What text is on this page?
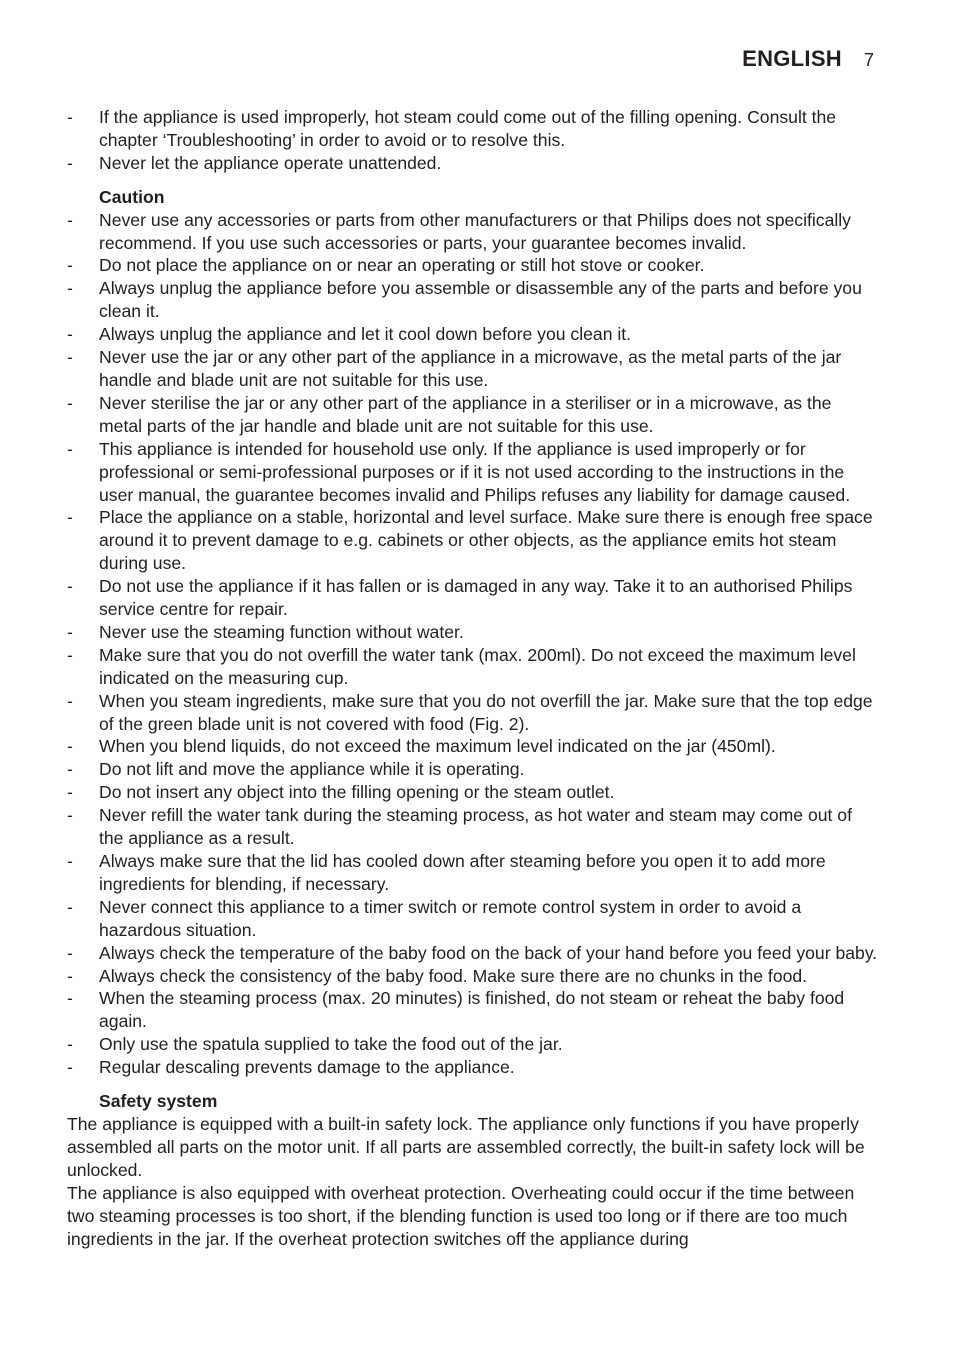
ENGLISH 7
- If the appliance is used improperly, hot steam could come out of the filling opening. Consult the chapter ‘Troubleshooting’ in order to avoid or to resolve this.
- Never let the appliance operate unattended.
Caution
- Never use any accessories or parts from other manufacturers or that Philips does not specifically recommend. If you use such accessories or parts, your guarantee becomes invalid.
- Do not place the appliance on or near an operating or still hot stove or cooker.
- Always unplug the appliance before you assemble or disassemble any of the parts and before you clean it.
- Always unplug the appliance and let it cool down before you clean it.
- Never use the jar or any other part of the appliance in a microwave, as the metal parts of the jar handle and blade unit are not suitable for this use.
- Never sterilise the jar or any other part of the appliance in a steriliser or in a microwave, as the metal parts of the jar handle and blade unit are not suitable for this use.
- This appliance is intended for household use only. If the appliance is used improperly or for professional or semi-professional purposes or if it is not used according to the instructions in the user manual, the guarantee becomes invalid and Philips refuses any liability for damage caused.
- Place the appliance on a stable, horizontal and level surface. Make sure there is enough free space around it to prevent damage to e.g. cabinets or other objects, as the appliance emits hot steam during use.
- Do not use the appliance if it has fallen or is damaged in any way. Take it to an authorised Philips service centre for repair.
- Never use the steaming function without water.
- Make sure that you do not overfill the water tank (max. 200ml). Do not exceed the maximum level indicated on the measuring cup.
- When you steam ingredients, make sure that you do not overfill the jar. Make sure that the top edge of the green blade unit is not covered with food (Fig. 2).
- When you blend liquids, do not exceed the maximum level indicated on the jar (450ml).
- Do not lift and move the appliance while it is operating.
- Do not insert any object into the filling opening or the steam outlet.
- Never refill the water tank during the steaming process, as hot water and steam may come out of the appliance as a result.
- Always make sure that the lid has cooled down after steaming before you open it to add more ingredients for blending, if necessary.
- Never connect this appliance to a timer switch or remote control system in order to avoid a hazardous situation.
- Always check the temperature of the baby food on the back of your hand before you feed your baby.
- Always check the consistency of the baby food. Make sure there are no chunks in the food.
- When the steaming process (max. 20 minutes) is finished, do not steam or reheat the baby food again.
- Only use the spatula supplied to take the food out of the jar.
- Regular descaling prevents damage to the appliance.
Safety system

The appliance is equipped with a built-in safety lock. The appliance only functions if you have properly assembled all parts on the motor unit. If all parts are assembled correctly, the built-in safety lock will be unlocked.

The appliance is also equipped with overheat protection. Overheating could occur if the time between two steaming processes is too short, if the blending function is used too long or if there are too much ingredients in the jar. If the overheat protection switches off the appliance during
